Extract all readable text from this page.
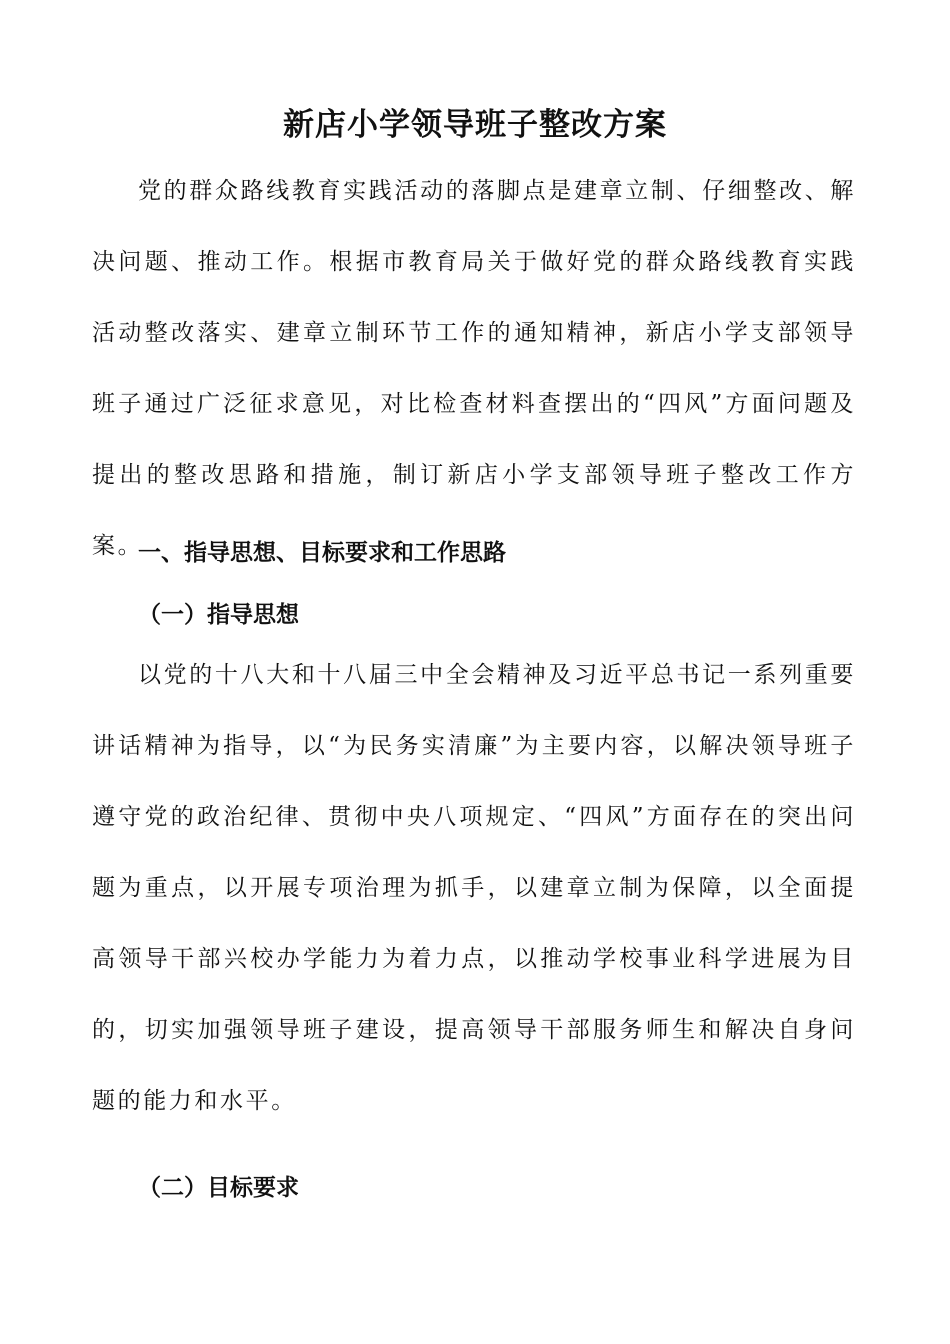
新店小学领导班子整改方案
党的群众路线教育实践活动的落脚点是建章立制、仔细整改、解决问题、推动工作。根据市教育局关于做好党的群众路线教育实践活动整改落实、建章立制环节工作的通知精神，新店小学支部领导班子通过广泛征求意见，对比检查材料查摆出的“四风”方面问题及提出的整改思路和措施，制订新店小学支部领导班子整改工作方案。
一、指导思想、目标要求和工作思路
（一）指导思想
以党的十八大和十八届三中全会精神及习近平总书记一系列重要讲话精神为指导，以“为民务实清廉”为主要内容，以解决领导班子遵守党的政治纪律、贯彻中央八项规定、“四风”方面存在的突出问题为重点，以开展专项治理为抓手，以建章立制为保障，以全面提高领导干部兴校办学能力为着力点，以推动学校事业科学进展为目的，切实加强领导班子建设，提高领导干部服务师生和解决自身问题的能力和水平。
（二）目标要求
